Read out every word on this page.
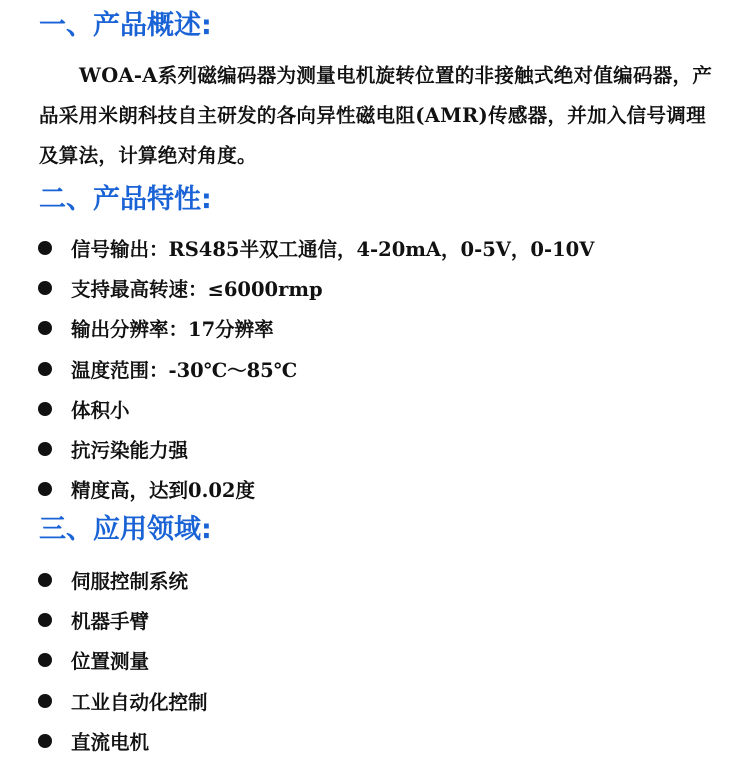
一、产品概述:

WOA-A系列磁编码器为测量电机旋转位置的非接触式绝对值编码器，产品采用米朗科技自主研发的各向异性磁电阻(AMR)传感器，并加入信号调理及算法，计算绝对角度。

二、产品特性:
信号输出：RS485半双工通信，4-20mA，0-5V，0-10V
支持最高转速：≤6000rmp
输出分辨率：17分辨率
温度范围：-30℃～85℃
体积小
抗污染能力强
精度高，达到0.02度
三、应用领域:
伺服控制系统
机器手臂
位置测量
工业自动化控制
直流电机
